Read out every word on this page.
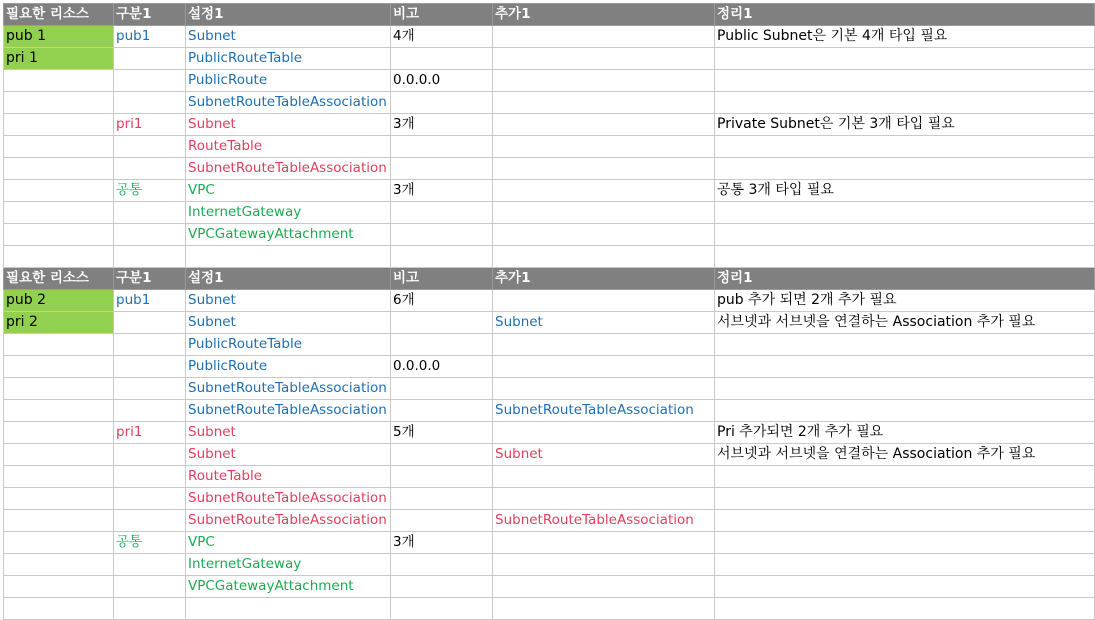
필요한 리소스	구분1	설정1	비고	추가1	정리1
pub 1	pub1	Subnet	4개		Public Subnet은 기본 4개 타입 필요
pri 1		PublicRouteTable			
		PublicRoute	0.0.0.0		
		SubnetRouteTableAssociation			
	pri1	Subnet	3개		Private Subnet은 기본 3개 타입 필요
		RouteTable			
		SubnetRouteTableAssociation			
	공통	VPC	3개		공통 3개 타입 필요
		InternetGateway			
		VPCGatewayAttachment			

필요한 리소스	구분1	설정1	비고	추가1	정리1
pub 2	pub1	Subnet	6개		pub 추가 되면 2개 추가 필요
pri 2		Subnet		Subnet	서브넷과 서브넷을 연결하는 Association 추가 필요
		PublicRouteTable			
		PublicRoute	0.0.0.0		
		SubnetRouteTableAssociation			
		SubnetRouteTableAssociation		SubnetRouteTableAssociation	
	pri1	Subnet	5개		Pri 추가되면 2개 추가 필요
		Subnet		Subnet	서브넷과 서브넷을 연결하는 Association 추가 필요
		RouteTable			
		SubnetRouteTableAssociation			
		SubnetRouteTableAssociation		SubnetRouteTableAssociation	
	공통	VPC	3개		
		InternetGateway			
		VPCGatewayAttachment			
